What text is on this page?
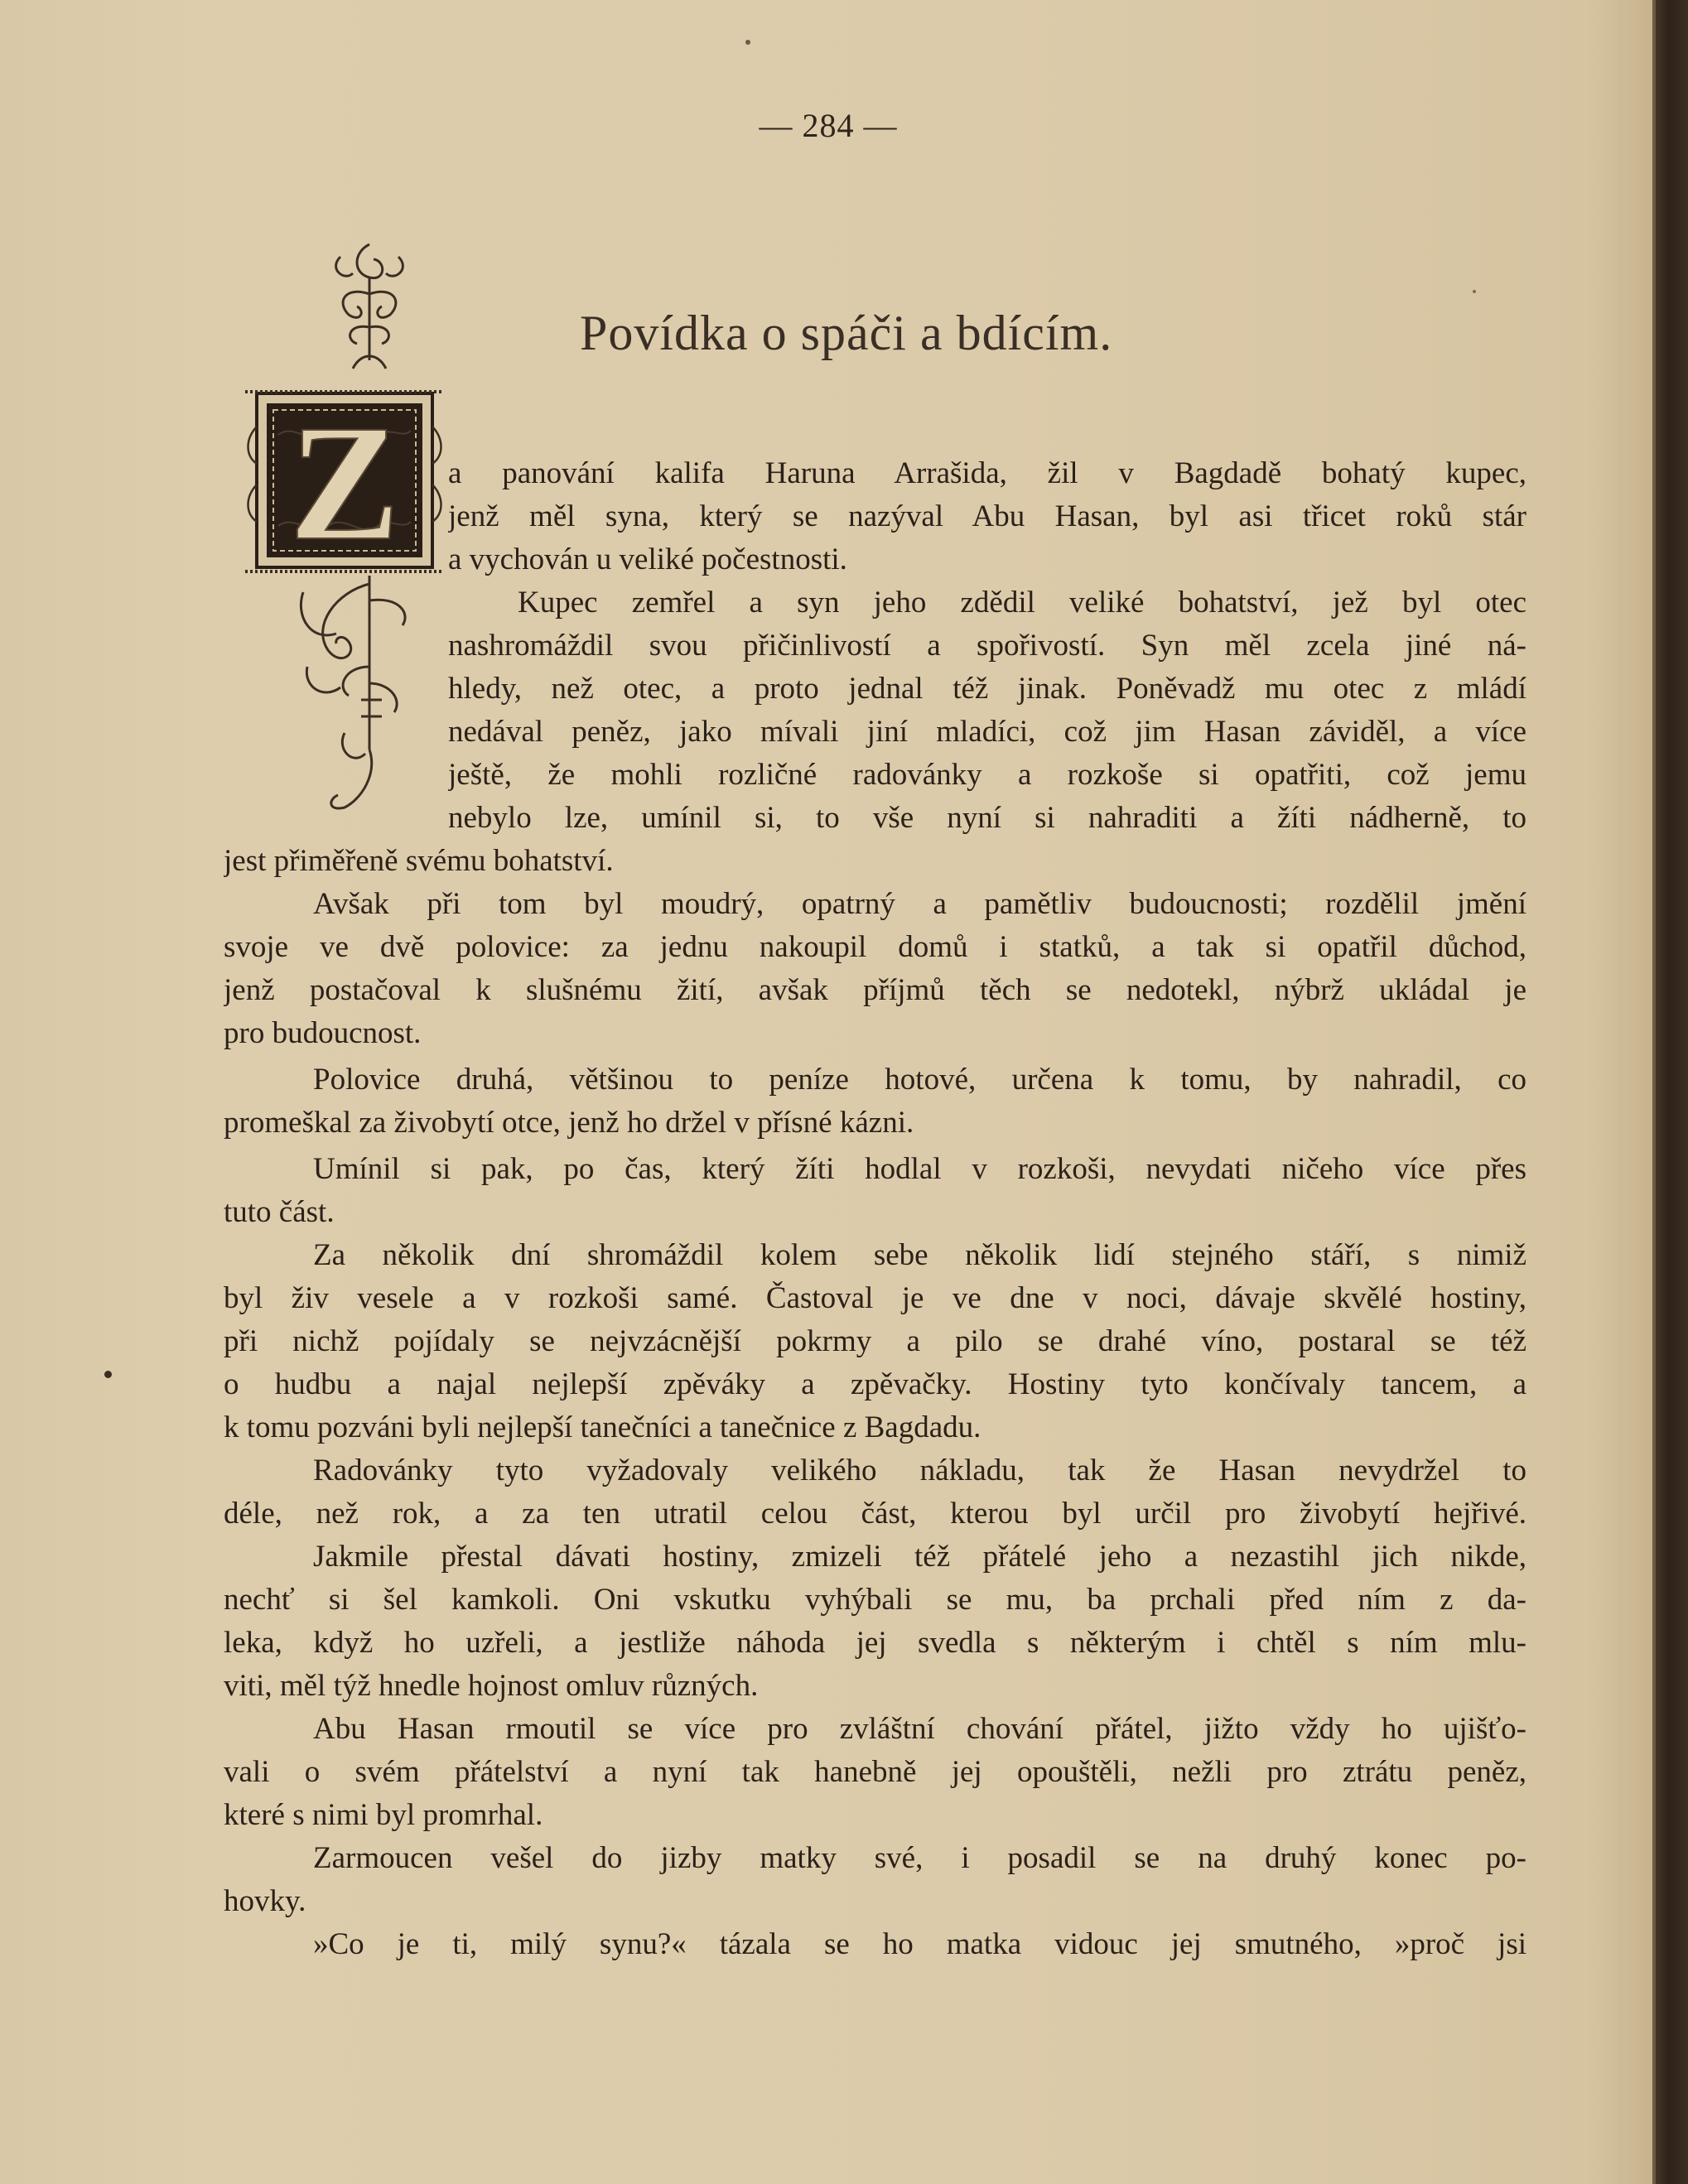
— 284 —
Povídka o spáči a bdícím.
Z a panování kalifa Haruna Arrašida, žil v Bagdadě bohatý kupec,
jenž měl syna, který se nazýval Abu Hasan, byl asi třicet roků stár
a vychován u veliké počestnosti.
Kupec zemřel a syn jeho zdědil veliké bohatství, jež byl otec
nashromáždil svou přičinlivostí a spořivostí. Syn měl zcela jiné ná-
hledy, než otec, a proto jednal též jinak. Poněvadž mu otec z mládí
nedával peněz, jako mívali jiní mladíci, což jim Hasan záviděl, a více
ještě, že mohli rozličné radovánky a rozkoše si opatřiti, což jemu
nebylo lze, umínil si, to vše nyní si nahraditi a žíti nádherně, to
jest přiměřeně svému bohatství.
Avšak při tom byl moudrý, opatrný a pamětliv budoucnosti; rozdělil jmění
svoje ve dvě polovice: za jednu nakoupil domů i statků, a tak si opatřil důchod,
jenž postačoval k slušnému žití, avšak příjmů těch se nedotekl, nýbrž ukládal je
pro budoucnost.
Polovice druhá, většinou to peníze hotové, určena k tomu, by nahradil, co
promeškal za živobytí otce, jenž ho držel v přísné kázni.
Umínil si pak, po čas, který žíti hodlal v rozkoši, nevydati ničeho více přes
tuto část.
Za několik dní shromáždil kolem sebe několik lidí stejného stáří, s nimiž
byl živ vesele a v rozkoši samé. Častoval je ve dne v noci, dávaje skvělé hostiny,
při nichž pojídaly se nejvzácnější pokrmy a pilo se drahé víno, postaral se též
o hudbu a najal nejlepší zpěváky a zpěvačky. Hostiny tyto končívaly tancem, a
k tomu pozváni byli nejlepší tanečníci a tanečnice z Bagdadu.
Radovánky tyto vyžadovaly velikého nákladu, tak že Hasan nevydržel to
déle, než rok, a za ten utratil celou část, kterou byl určil pro živobytí hejřivé.
Jakmile přestal dávati hostiny, zmizeli též přátelé jeho a nezastihl jich nikde,
nechť si šel kamkoli. Oni vskutku vyhýbali se mu, ba prchali před ním z da-
leka, když ho uzřeli, a jestliže náhoda jej svedla s některým i chtěl s ním mlu-
viti, měl týž hnedle hojnost omluv různých.
Abu Hasan rmoutil se více pro zvláštní chování přátel, jižto vždy ho ujišťo-
vali o svém přátelství a nyní tak hanebně jej opouštěli, nežli pro ztrátu peněz,
které s nimi byl promrhal.
Zarmoucen vešel do jizby matky své, i posadil se na druhý konec po-
hovky.
»Co je ti, milý synu?« tázala se ho matka vidouc jej smutného, »proč jsi
